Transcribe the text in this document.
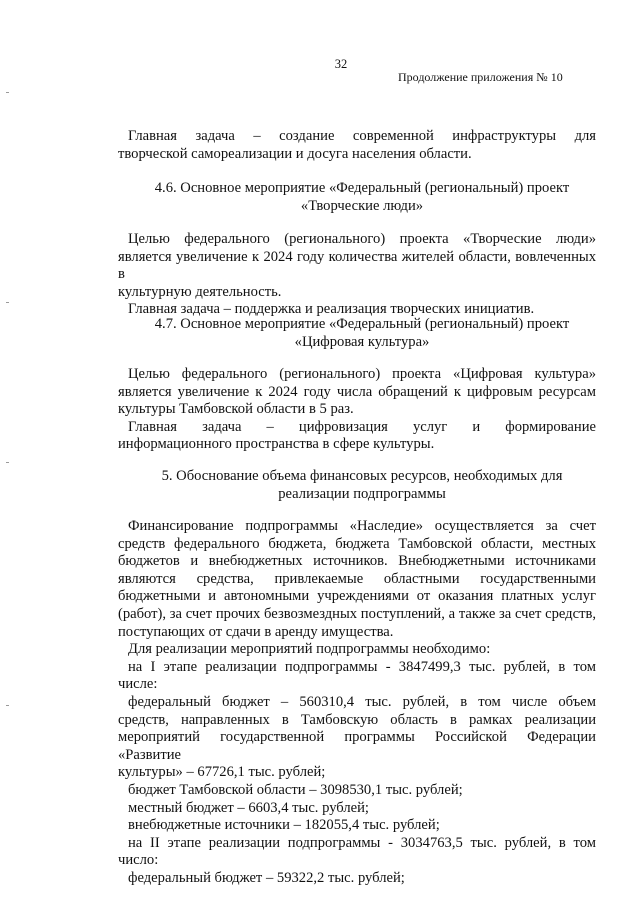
32
Продолжение приложения № 10

Главная задача – создание современной инфраструктуры для

творческой самореализации и досуга населения области.

4.6. Основное мероприятие «Федеральный (региональный) проект
«Творческие люди»

Целью федерального (регионального) проекта «Творческие люди»

является увеличение к 2024 году количества жителей области, вовлеченных в

культурную деятельность.

Главная задача – поддержка и реализация творческих инициатив.

4.7. Основное мероприятие «Федеральный (региональный) проект
«Цифровая культура»

Целью федерального (регионального) проекта «Цифровая культура»

является увеличение к 2024 году числа обращений к цифровым ресурсам

культуры Тамбовской области в 5 раз.

Главная задача – цифровизация услуг и формирование

информационного пространства в сфере культуры.

5. Обоснование объема финансовых ресурсов, необходимых для
реализации подпрограммы

Финансирование подпрограммы «Наследие» осуществляется за счет

средств федерального бюджета, бюджета Тамбовской области, местных

бюджетов и внебюджетных источников. Внебюджетными источниками

являются средства, привлекаемые областными государственными

бюджетными и автономными учреждениями от оказания платных услуг

(работ), за счет прочих безвозмездных поступлений, а также за счет средств,

поступающих от сдачи в аренду имущества.

Для реализации мероприятий подпрограммы необходимо:

на I этапе реализации подпрограммы - 3847499,3 тыс. рублей, в том

числе:

федеральный бюджет – 560310,4 тыс. рублей, в том числе объем

средств, направленных в Тамбовскую область в рамках реализации

мероприятий государственной программы Российской Федерации «Развитие

культуры» – 67726,1 тыс. рублей;

бюджет Тамбовской области – 3098530,1 тыс. рублей;

местный бюджет – 6603,4 тыс. рублей;

внебюджетные источники – 182055,4 тыс. рублей;

на II этапе реализации подпрограммы - 3034763,5 тыс. рублей, в том

число:

федеральный бюджет – 59322,2 тыс. рублей;
